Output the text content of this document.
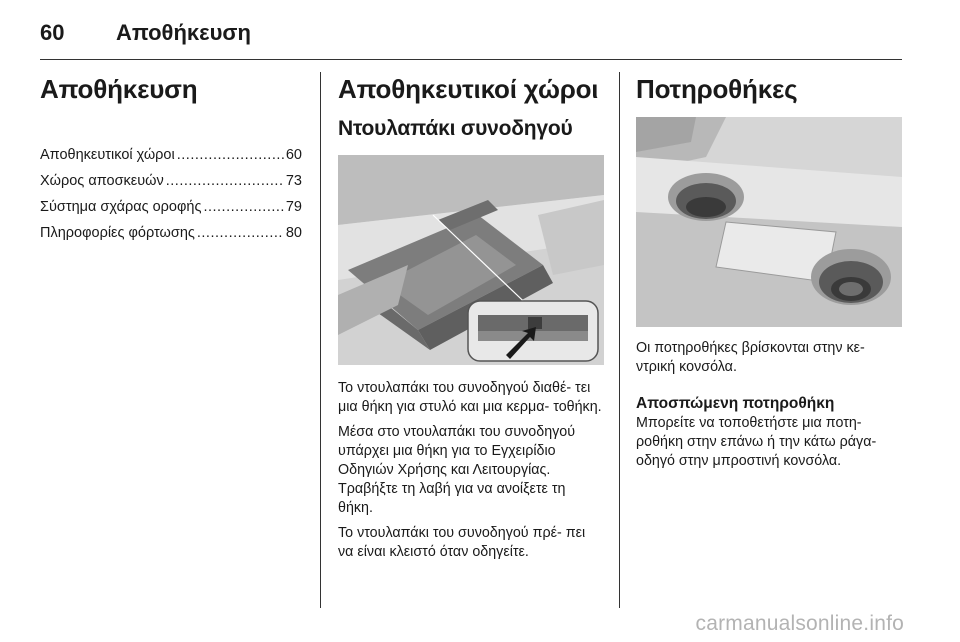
60 Αποθήκευση
Αποθήκευση
Αποθηκευτικοί χώροι .....	60
Χώρος αποσκευών .....	73
Σύστημα σχάρας οροφής .....	79
Πληροφορίες φόρτωσης .....	80
Αποθηκευτικοί χώροι
Ντουλαπάκι συνοδηγού

Το ντουλαπάκι του συνοδηγού διαθέ- τει μια θήκη για στυλό και μια κερμα- τοθήκη.

Μέσα στο ντουλαπάκι του συνοδηγού υπάρχει μια θήκη για το Εγχειρίδιο Οδηγιών Χρήσης και Λειτουργίας. Τραβήξτε τη λαβή για να ανοίξετε τη θήκη.

Το ντουλαπάκι του συνοδηγού πρέ- πει να είναι κλειστό όταν οδηγείτε.

Ποτηροθήκες

Οι ποτηροθήκες βρίσκονται στην κε- ντρική κονσόλα.

Αποσπώμενη ποτηροθήκη

Μπορείτε να τοποθετήστε μια ποτη- ροθήκη στην επάνω ή την κάτω ράγα- οδηγό στην μπροστινή κονσόλα.

carmanualsonline.info
